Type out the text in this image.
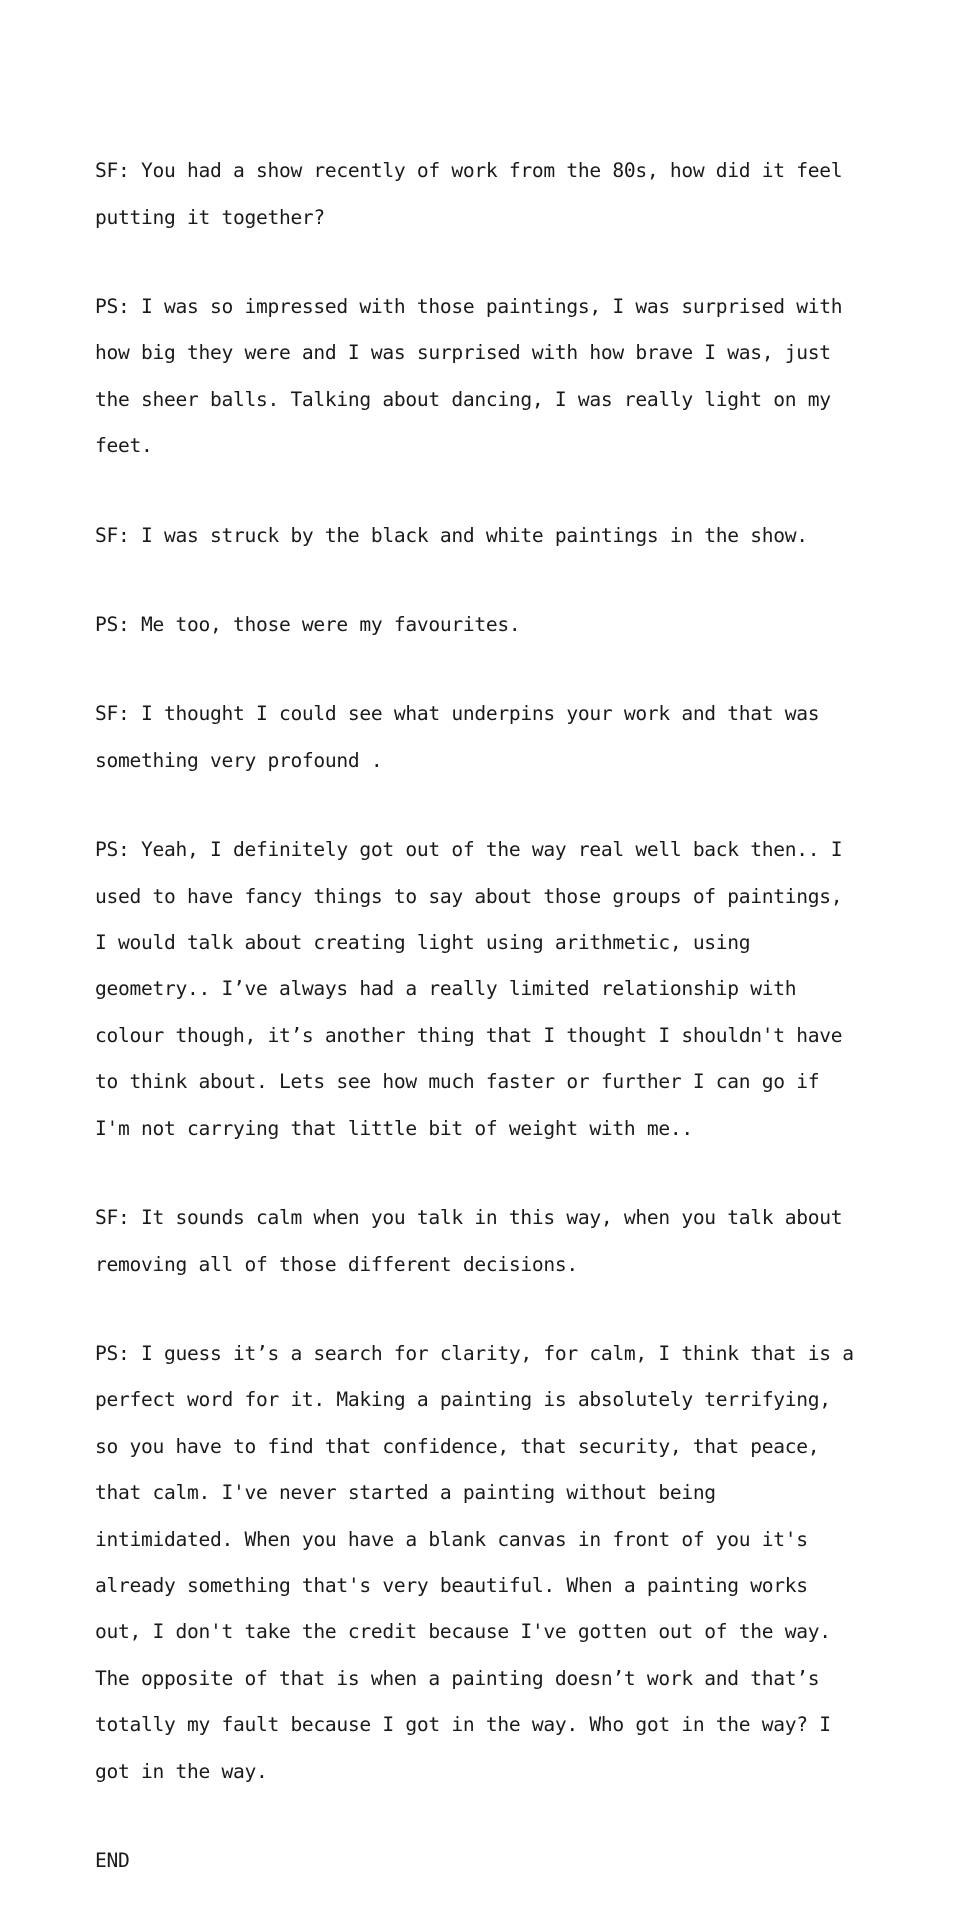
SF: You had a show recently of work from the 80s, how did it feel

putting it together?

PS: I was so impressed with those paintings, I was surprised with

how big they were and I was surprised with how brave I was, just

the sheer balls. Talking about dancing, I was really light on my

feet.

SF: I was struck by the black and white paintings in the show.

PS: Me too, those were my favourites.

SF: I thought I could see what underpins your work and that was

something very profound .

PS: Yeah, I definitely got out of the way real well back then.. I

used to have fancy things to say about those groups of paintings,

I would talk about creating light using arithmetic, using

geometry.. I’ve always had a really limited relationship with

colour though, it’s another thing that I thought I shouldn't have

to think about. Lets see how much faster or further I can go if

I'm not carrying that little bit of weight with me..

SF: It sounds calm when you talk in this way, when you talk about

removing all of those different decisions.

PS: I guess it’s a search for clarity, for calm, I think that is a

perfect word for it. Making a painting is absolutely terrifying,

so you have to find that confidence, that security, that peace,

that calm. I've never started a painting without being

intimidated. When you have a blank canvas in front of you it's

already something that's very beautiful. When a painting works

out, I don't take the credit because I've gotten out of the way.

The opposite of that is when a painting doesn’t work and that’s

totally my fault because I got in the way. Who got in the way? I

got in the way.

END
